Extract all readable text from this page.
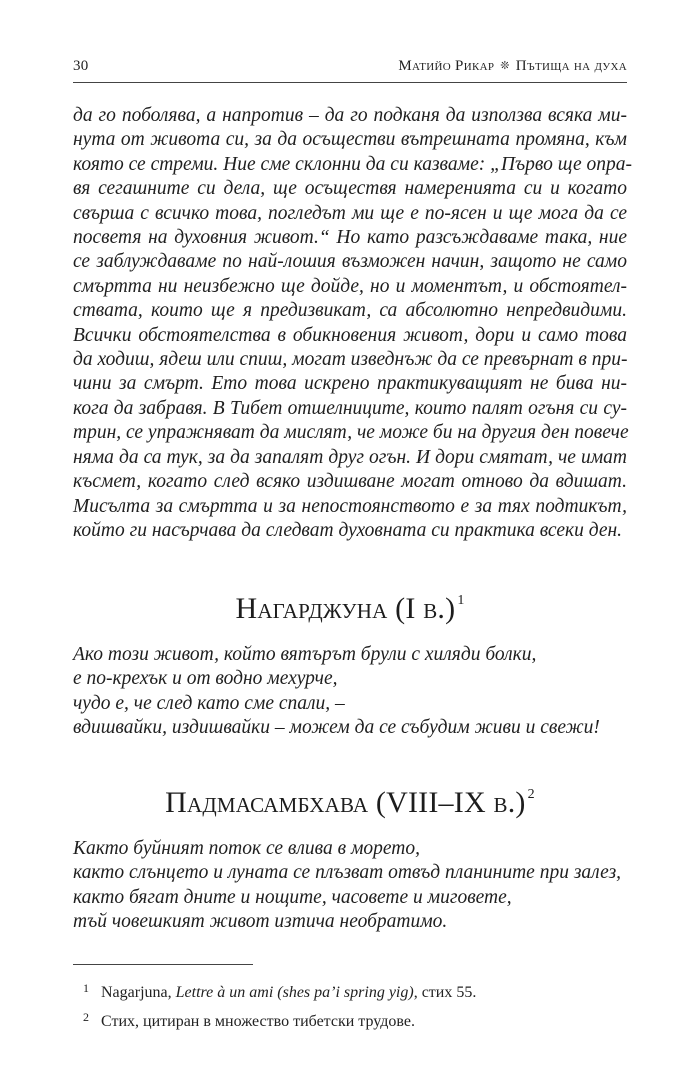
30	Матийо Рикар ❊ Пътища на духа
да го поболява, а напротив – да го подканя да използва всяка ми-
нута от живота си, за да осъществи вътрешната промяна, към
която се стреми. Ние сме склонни да си казваме: „Първо ще опра-
вя сегашните си дела, ще осъществя намеренията си и когато
свърша с всичко това, погледът ми ще е по-ясен и ще мога да се
посветя на духовния живот.“ Но като разсъждаваме така, ние
се заблуждаваме по най-лошия възможен начин, защото не само
смъртта ни неизбежно ще дойде, но и моментът, и обстоятел-
ствата, които ще я предизвикат, са абсолютно непредвидими.
Всички обстоятелства в обикновения живот, дори и само това
да ходиш, ядеш или спиш, могат изведнъж да се превърнат в при-
чини за смърт. Ето това искрено практикуващият не бива ни-
кога да забравя. В Тибет отшелниците, които палят огъня си су-
трин, се упражняват да мислят, че може би на другия ден повече
няма да са тук, за да запалят друг огън. И дори смятат, че имат
късмет, когато след всяко издишване могат отново да вдишат.
Мисълта за смъртта и за непостоянството е за тях подтикът,
който ги насърчава да следват духовната си практика всеки ден.
Нагарджуна (I в.) $^1$
Ако този живот, който вятърът брули с хиляди болки,
е по-крехък и от водно мехурче,
чудо е, че след като сме спали, –
вдишвайки, издишвайки – можем да се събудим живи и свежи!
Падмасамбхава (VIII–IX в.) $^2$
Както буйният поток се влива в морето,
както слънцето и луната се плъзват отвъд планините при залез,
както бягат дните и нощите, часовете и миговете,
тъй човешкият живот изтича необратимо.
1 Nagarjuna, Lettre à un ami (shes pa’i spring yig), стих 55.
2 Стих, цитиран в множество тибетски трудове.
